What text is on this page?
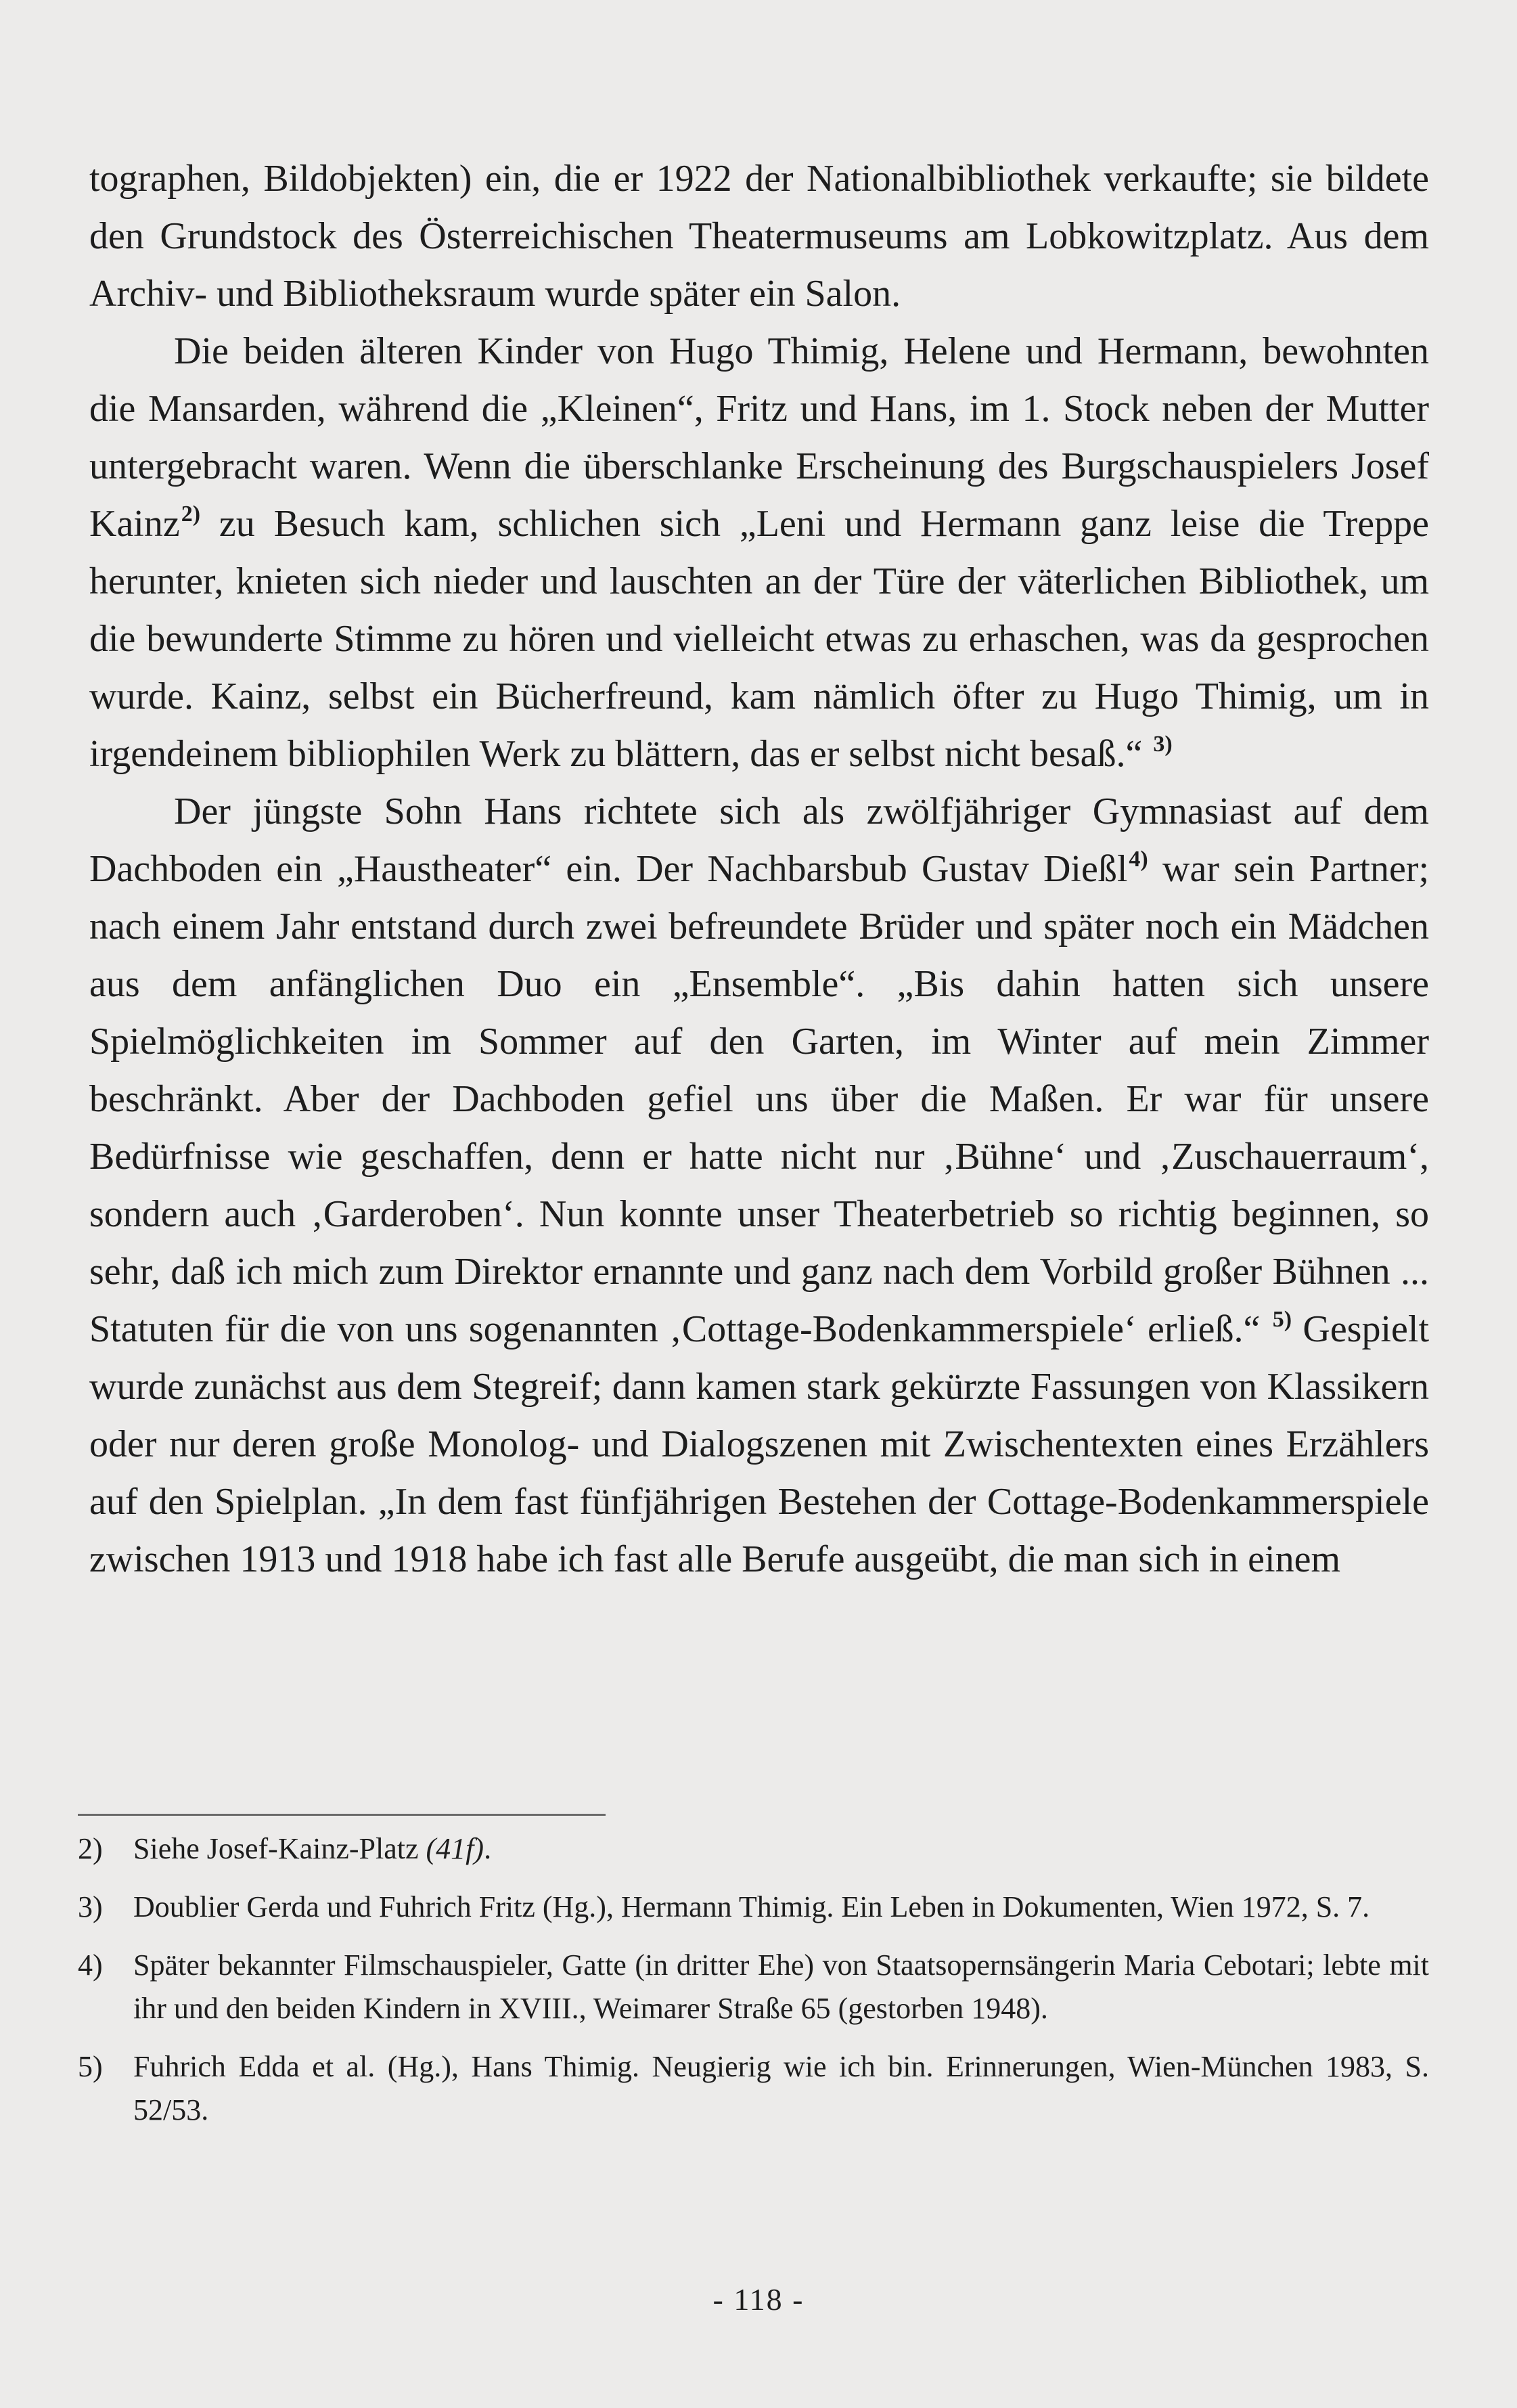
tographen, Bildobjekten) ein, die er 1922 der Nationalbibliothek verkaufte; sie bildete den Grundstock des Österreichischen Theatermuseums am Lobkowitzplatz. Aus dem Archiv- und Bibliotheksraum wurde später ein Salon.

Die beiden älteren Kinder von Hugo Thimig, Helene und Hermann, bewohnten die Mansarden, während die „Kleinen“, Fritz und Hans, im 1. Stock neben der Mutter untergebracht waren. Wenn die überschlanke Erscheinung des Burgschauspielers Josef Kainz$^{2)}$ zu Besuch kam, schlichen sich „Leni und Hermann ganz leise die Treppe herunter, knieten sich nieder und lauschten an der Türe der väterlichen Bibliothek, um die bewunderte Stimme zu hören und vielleicht etwas zu erhaschen, was da gesprochen wurde. Kainz, selbst ein Bücherfreund, kam nämlich öfter zu Hugo Thimig, um in irgendeinem bibliophilen Werk zu blättern, das er selbst nicht besaß.“ $^{3)}$

Der jüngste Sohn Hans richtete sich als zwölfjähriger Gymnasiast auf dem Dachboden ein „Haustheater“ ein. Der Nachbarsbub Gustav Dießl$^{4)}$ war sein Partner; nach einem Jahr entstand durch zwei befreundete Brüder und später noch ein Mädchen aus dem anfänglichen Duo ein „Ensemble“. „Bis dahin hatten sich unsere Spielmöglichkeiten im Sommer auf den Garten, im Winter auf mein Zimmer beschränkt. Aber der Dachboden gefiel uns über die Maßen. Er war für unsere Bedürfnisse wie geschaffen, denn er hatte nicht nur ‚Bühne‘ und ‚Zuschauerraum‘, sondern auch ‚Garderoben‘. Nun konnte unser Theaterbetrieb so richtig beginnen, so sehr, daß ich mich zum Direktor ernannte und ganz nach dem Vorbild großer Bühnen ... Statuten für die von uns sogenannten ‚Cottage-Bodenkammerspiele‘ erließ.“ $^{5)}$ Gespielt wurde zunächst aus dem Stegreif; dann kamen stark gekürzte Fassungen von Klassikern oder nur deren große Monolog- und Dialogszenen mit Zwischentexten eines Erzählers auf den Spielplan. „In dem fast fünfjährigen Bestehen der Cottage-Bodenkammerspiele zwischen 1913 und 1918 habe ich fast alle Berufe ausgeübt, die man sich in einem

2)	Siehe Josef-Kainz-Platz (41f).
3)	Doublier Gerda und Fuhrich Fritz (Hg.), Hermann Thimig. Ein Leben in Dokumenten, Wien 1972, S. 7.
4)	Später bekannter Filmschauspieler, Gatte (in dritter Ehe) von Staatsopernsängerin Maria Cebotari; lebte mit ihr und den beiden Kindern in XVIII., Weimarer Straße 65 (gestorben 1948).
5)	Fuhrich Edda et al. (Hg.), Hans Thimig. Neugierig wie ich bin. Erinnerungen, Wien-München 1983, S. 52/53.
- 118 -
